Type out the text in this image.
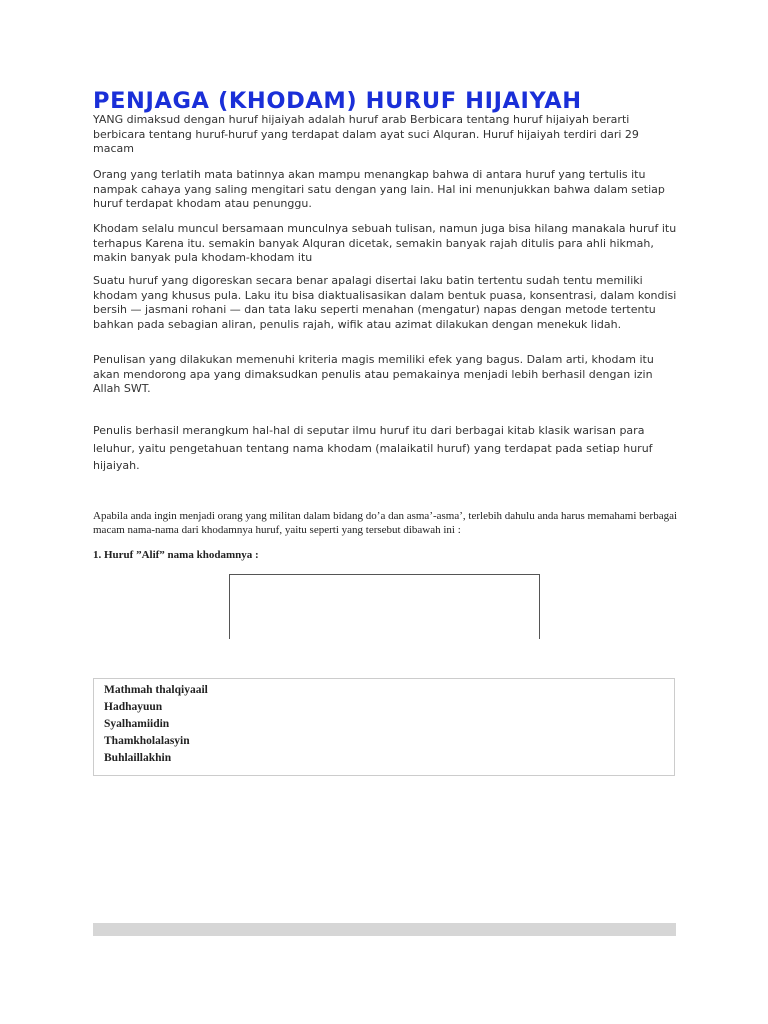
PENJAGA (KHODAM) HURUF HIJAIYAH

YANG dimaksud dengan huruf hijaiyah adalah huruf arab Berbicara tentang huruf hijaiyah berarti berbicara tentang huruf-huruf yang terdapat dalam ayat suci Alquran. Huruf hijaiyah terdiri dari 29 macam

Orang yang terlatih mata batinnya akan mampu menangkap bahwa di antara huruf yang tertulis itu nampak cahaya yang saling mengitari satu dengan yang lain. Hal ini menunjukkan bahwa dalam setiap huruf terdapat khodam atau penunggu.

Khodam selalu muncul bersamaan munculnya sebuah tulisan, namun juga bisa hilang manakala huruf itu terhapus Karena itu. semakin banyak Alquran dicetak, semakin banyak rajah ditulis para ahli hikmah, makin banyak pula khodam-khodam itu

Suatu huruf yang digoreskan secara benar apalagi disertai laku batin tertentu sudah tentu memiliki khodam yang khusus pula. Laku itu bisa diaktualisasikan dalam bentuk puasa, konsentrasi, dalam kondisi bersih — jasmani rohani — dan tata laku seperti menahan (mengatur) napas dengan metode tertentu bahkan pada sebagian aliran, penulis rajah, wifik atau azimat dilakukan dengan menekuk lidah.

Penulisan yang dilakukan memenuhi kriteria magis memiliki efek yang bagus. Dalam arti, khodam itu akan mendorong apa yang dimaksudkan penulis atau pemakainya menjadi lebih berhasil dengan izin Allah SWT.

Penulis berhasil merangkum hal-hal di seputar ilmu huruf itu dari berbagai kitab klasik warisan para leluhur, yaitu pengetahuan tentang nama khodam (malaikatil huruf) yang terdapat pada setiap huruf hijaiyah.

Apabila anda ingin menjadi orang yang militan dalam bidang do’a dan asma’-asma’, terlebih dahulu anda harus memahami berbagai macam nama-nama dari khodamnya huruf, yaitu seperti yang tersebut dibawah ini :

1. Huruf ”Alif” nama khodamnya :

Mathmah thalqiyaail
Hadhayuun
Syalhamiidin
Thamkholalasyin
Buhlaillakhin
